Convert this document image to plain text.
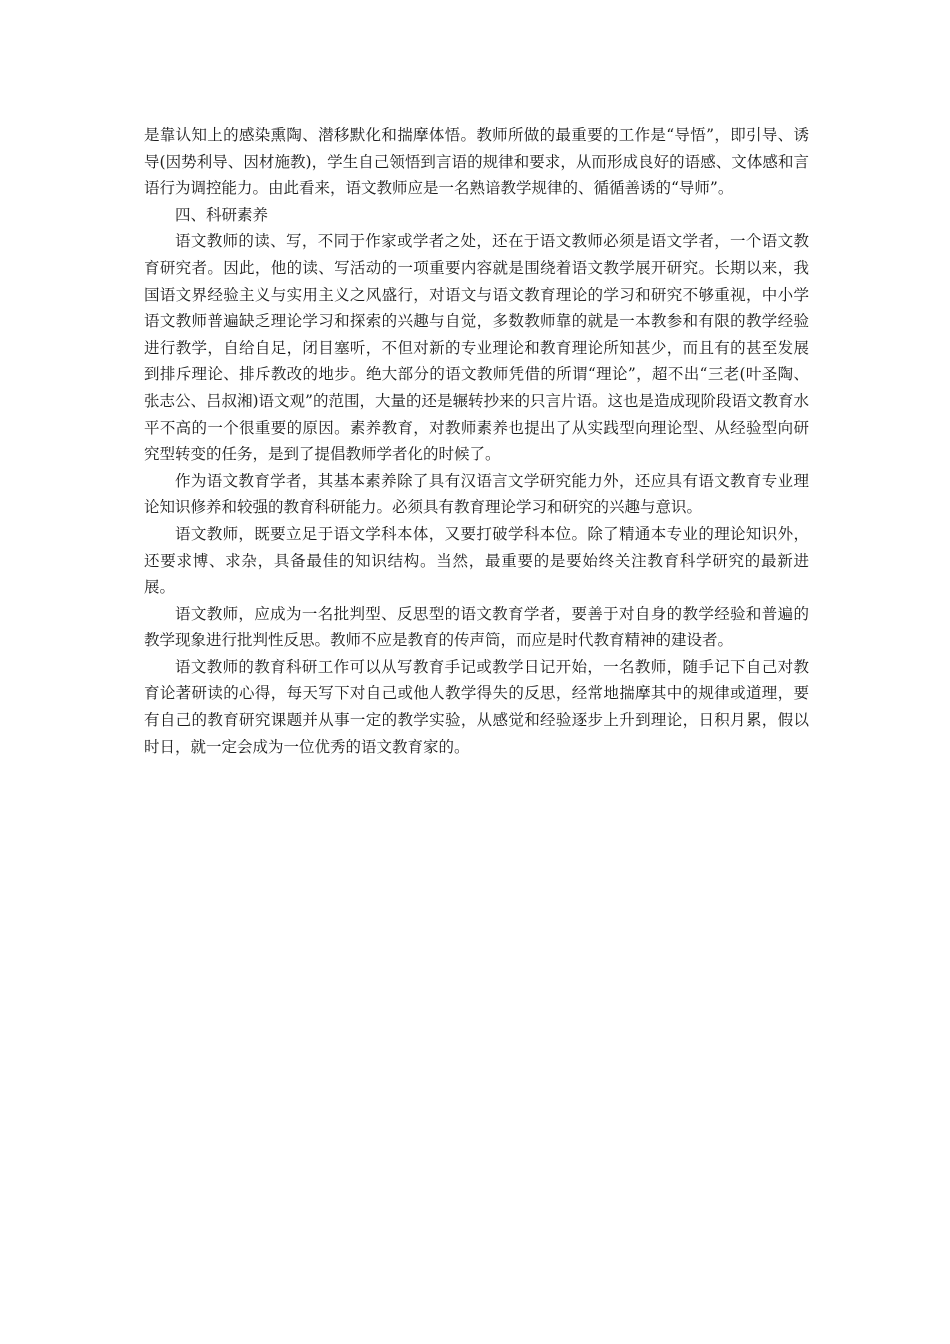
是靠认知上的感染熏陶、潜移默化和揣摩体悟。教师所做的最重要的工作是“导悟”，即引导、诱导(因势利导、因材施教)，学生自己领悟到言语的规律和要求，从而形成良好的语感、文体感和言语行为调控能力。由此看来，语文教师应是一名熟谙教学规律的、循循善诱的“导师”。

四、科研素养

语文教师的读、写，不同于作家或学者之处，还在于语文教师必须是语文学者，一个语文教育研究者。因此，他的读、写活动的一项重要内容就是围绕着语文教学展开研究。长期以来，我国语文界经验主义与实用主义之风盛行，对语文与语文教育理论的学习和研究不够重视，中小学语文教师普遍缺乏理论学习和探索的兴趣与自觉，多数教师靠的就是一本教参和有限的教学经验进行教学，自给自足，闭目塞听，不但对新的专业理论和教育理论所知甚少，而且有的甚至发展到排斥理论、排斥教改的地步。绝大部分的语文教师凭借的所谓“理论”，超不出“三老(叶圣陶、张志公、吕叔湘)语文观”的范围，大量的还是辗转抄来的只言片语。这也是造成现阶段语文教育水平不高的一个很重要的原因。素养教育，对教师素养也提出了从实践型向理论型、从经验型向研究型转变的任务，是到了提倡教师学者化的时候了。

作为语文教育学者，其基本素养除了具有汉语言文学研究能力外，还应具有语文教育专业理论知识修养和较强的教育科研能力。必须具有教育理论学习和研究的兴趣与意识。

语文教师，既要立足于语文学科本体，又要打破学科本位。除了精通本专业的理论知识外，还要求博、求杂，具备最佳的知识结构。当然，最重要的是要始终关注教育科学研究的最新进展。

语文教师，应成为一名批判型、反思型的语文教育学者，要善于对自身的教学经验和普遍的教学现象进行批判性反思。教师不应是教育的传声筒，而应是时代教育精神的建设者。

语文教师的教育科研工作可以从写教育手记或教学日记开始，一名教师，随手记下自己对教育论著研读的心得，每天写下对自己或他人教学得失的反思，经常地揣摩其中的规律或道理，要有自己的教育研究课题并从事一定的教学实验，从感觉和经验逐步上升到理论，日积月累，假以时日，就一定会成为一位优秀的语文教育家的。
